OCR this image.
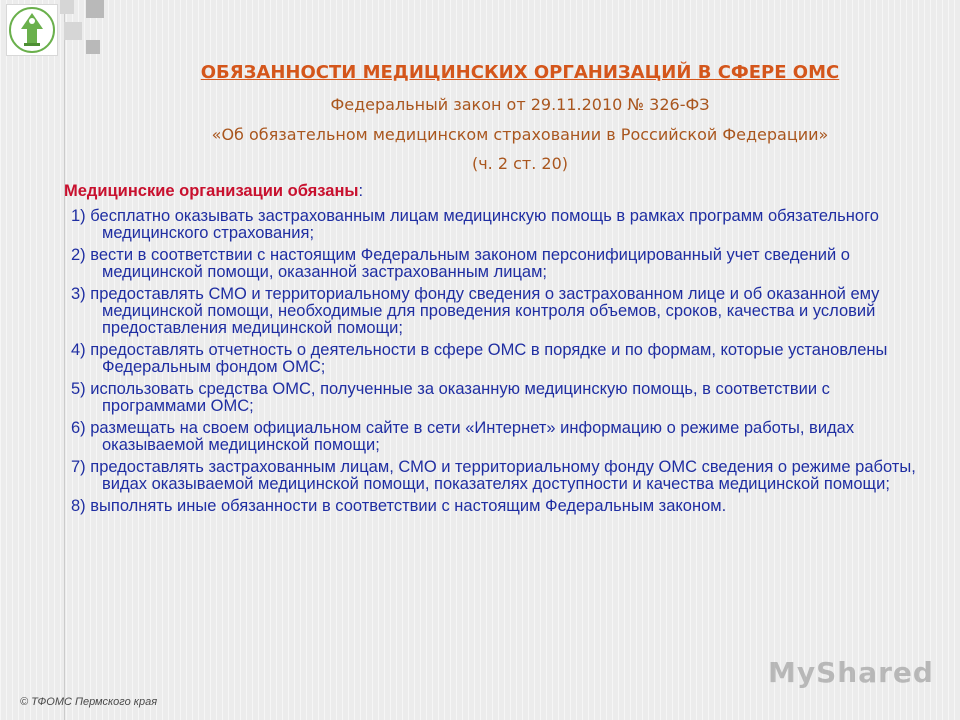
ОБЯЗАННОСТИ МЕДИЦИНСКИХ ОРГАНИЗАЦИЙ В СФЕРЕ ОМС
Федеральный закон от 29.11.2010 № 326-ФЗ
«Об обязательном медицинском страховании в Российской Федерации»
(ч. 2 ст. 20)
Медицинские организации обязаны:
1) бесплатно оказывать застрахованным лицам медицинскую помощь в рамках программ обязательного медицинского страхования;
2) вести в соответствии с настоящим Федеральным законом персонифицированный учет сведений о медицинской помощи, оказанной застрахованным лицам;
3) предоставлять СМО и территориальному фонду сведения о застрахованном лице и об оказанной ему медицинской помощи, необходимые для проведения контроля объемов, сроков, качества и условий предоставления медицинской помощи;
4) предоставлять отчетность о деятельности в сфере ОМС в порядке и по формам, которые установлены Федеральным фондом ОМС;
5) использовать средства ОМС, полученные за оказанную медицинскую помощь, в соответствии с программами ОМС;
6) размещать на своем официальном сайте в сети «Интернет» информацию о режиме работы, видах оказываемой медицинской помощи;
7) предоставлять застрахованным лицам, СМО и территориальному фонду ОМС сведения о режиме работы, видах оказываемой медицинской помощи, показателях доступности и качества медицинской помощи;
8) выполнять иные обязанности в соответствии с настоящим Федеральным законом.
© ТФОМС Пермского края
MyShared
